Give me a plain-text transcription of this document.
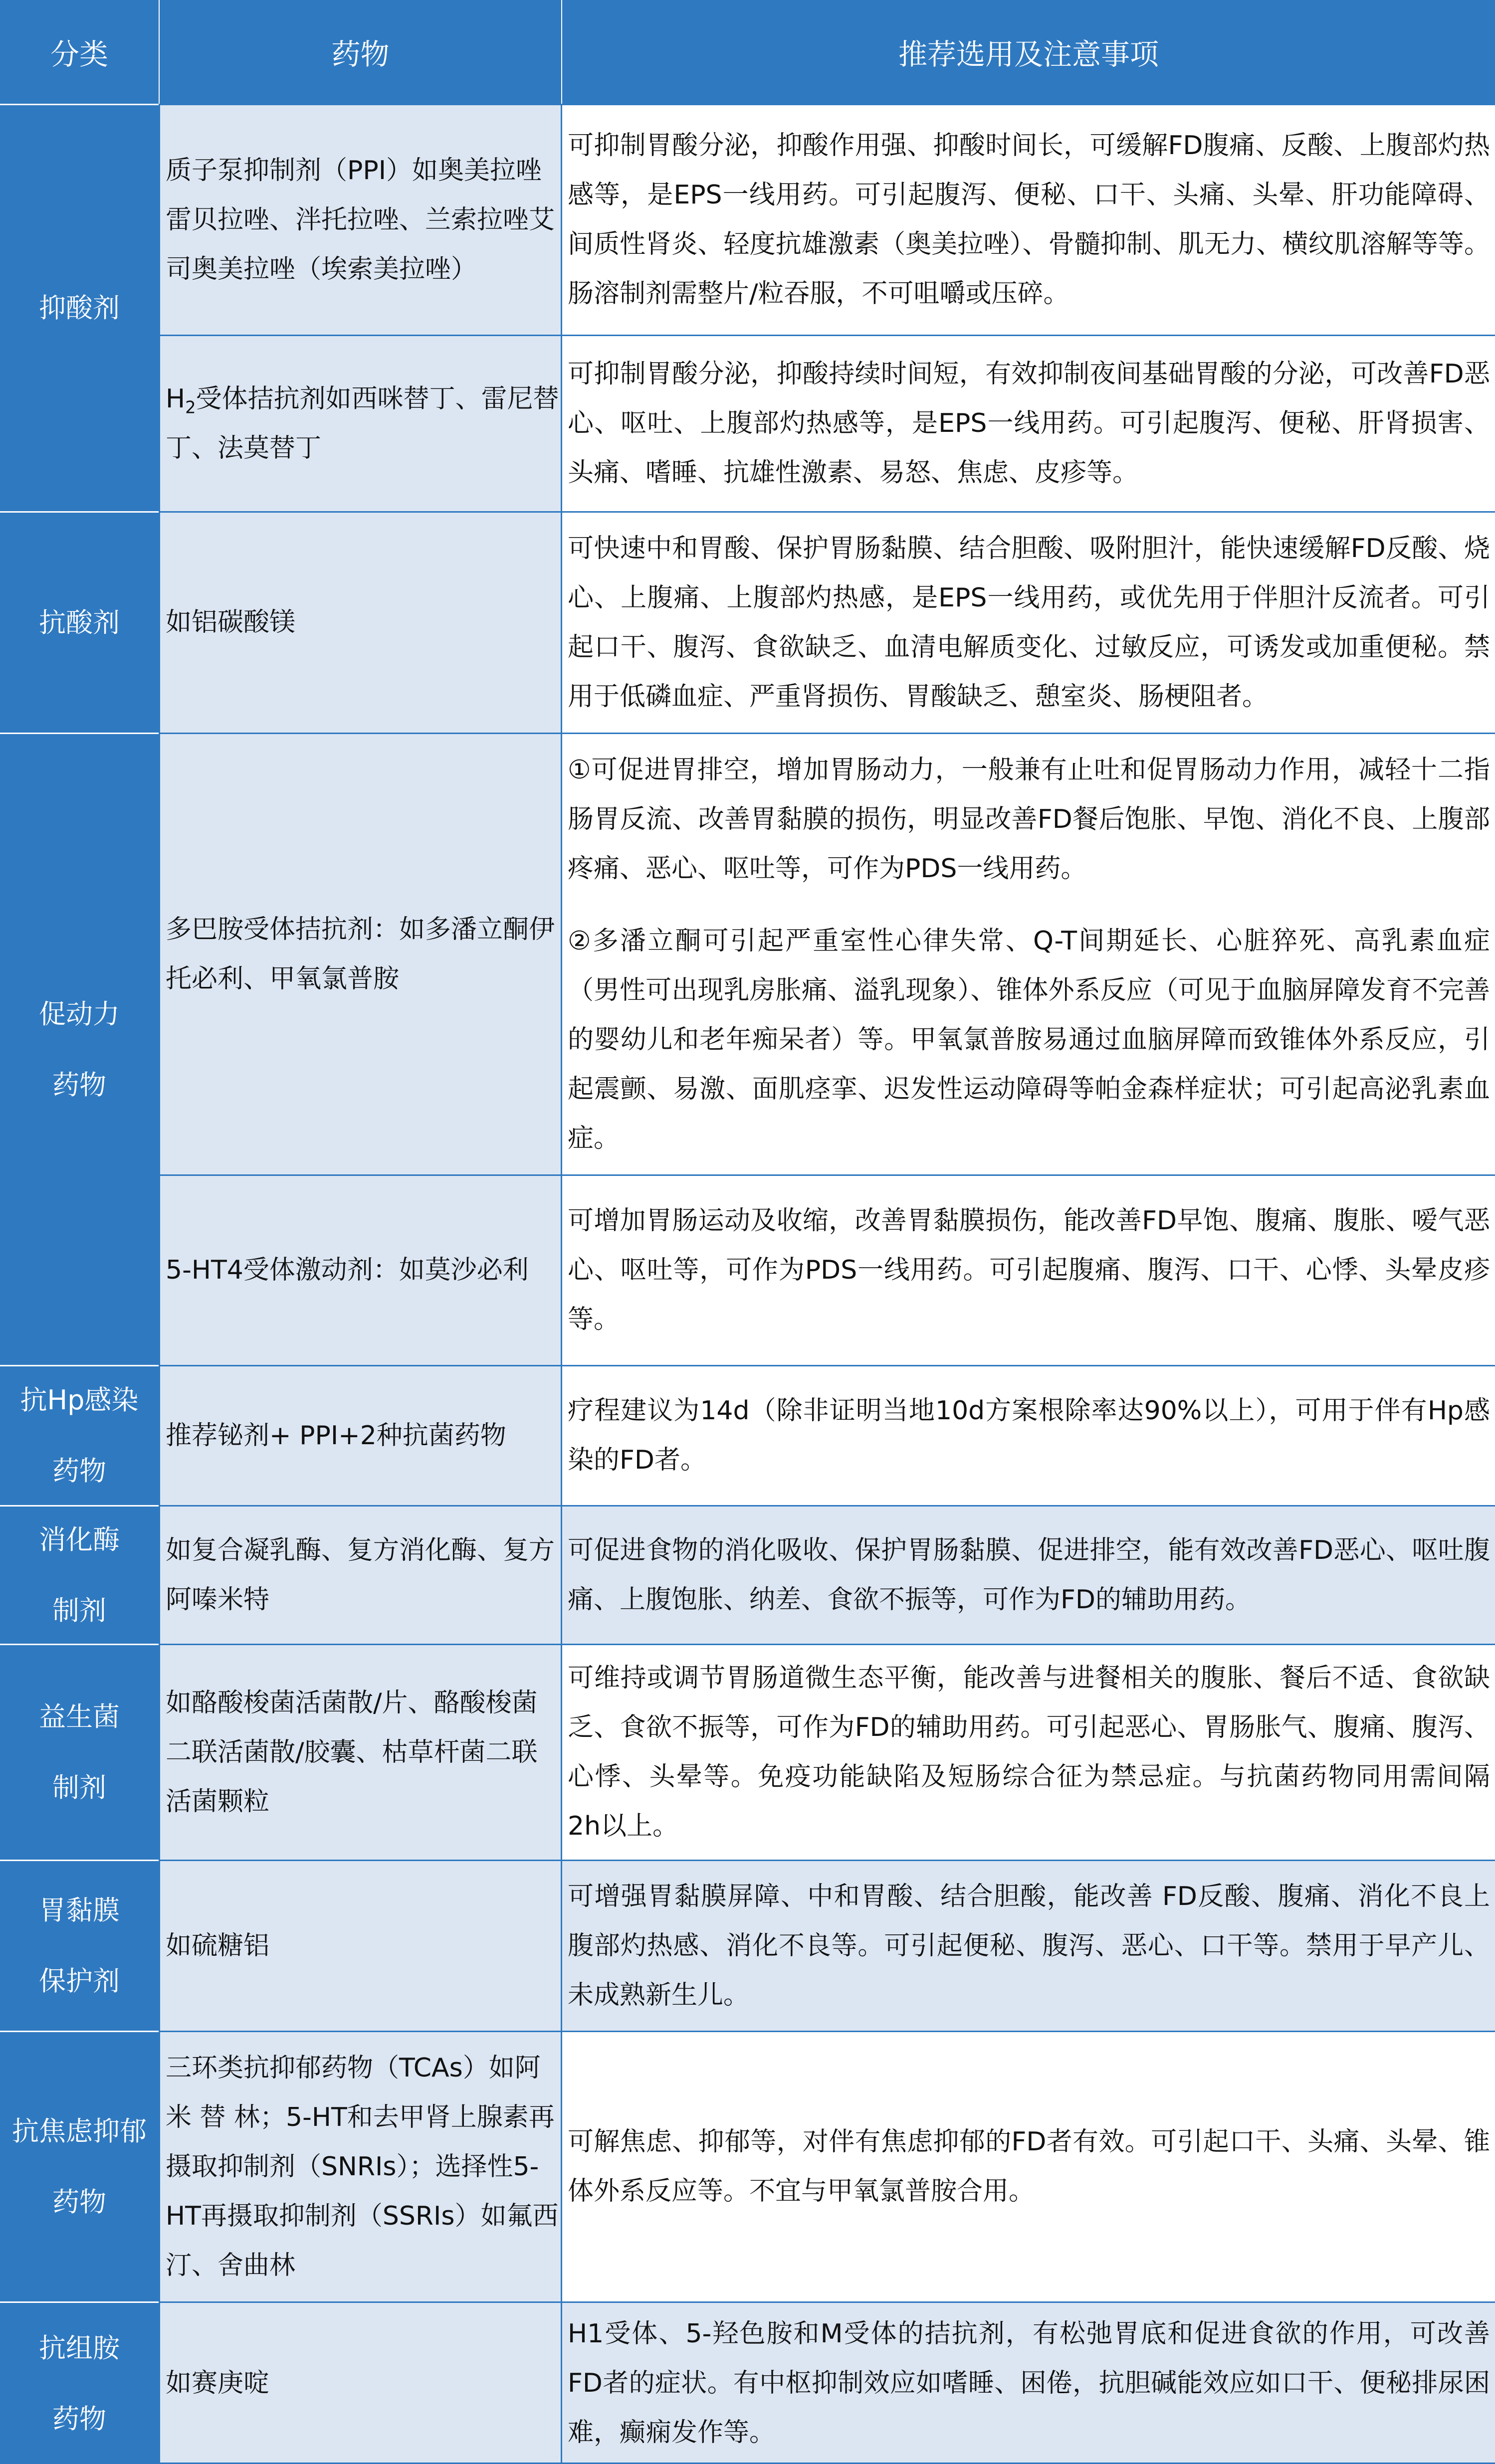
分类	药物	推荐选用及注意事项
抑酸剂
抗酸剂
促动力
药物
抗Hp感染
药物
消化酶
制剂
益生菌
制剂
胃黏膜
保护剂
抗焦虑抑郁
药物
抗组胺
药物
质子泵抑制剂（PPI）如奥美拉唑雷贝拉唑、泮托拉唑、兰索拉唑艾司奥美拉唑（埃索美拉唑）
可抑制胃酸分泌，抑酸作用强、抑酸时间长，可缓解FD腹痛、反酸、上腹部灼热感等，是EPS一线用药。可引起腹泻、便秘、口干、头痛、头晕、肝功能障碍、间质性肾炎、轻度抗雄激素（奥美拉唑）、骨髓抑制、肌无力、横纹肌溶解等等。肠溶制剂需整片/粒吞服，不可咀嚼或压碎。
$H_2$受体拮抗剂如西咪替丁、雷尼替丁、法莫替丁
可抑制胃酸分泌，抑酸持续时间短，有效抑制夜间基础胃酸的分泌，可改善FD恶心、呕吐、上腹部灼热感等，是EPS一线用药。可引起腹泻、便秘、肝肾损害、头痛、嗜睡、抗雄性激素、易怒、焦虑、皮疹等。
如铝碳酸镁
可快速中和胃酸、保护胃肠黏膜、结合胆酸、吸附胆汁，能快速缓解FD反酸、烧心、上腹痛、上腹部灼热感，是EPS一线用药，或优先用于伴胆汁反流者。可引起口干、腹泻、食欲缺乏、血清电解质变化、过敏反应，可诱发或加重便秘。禁用于低磷血症、严重肾损伤、胃酸缺乏、憩室炎、肠梗阻者。
多巴胺受体拮抗剂：如多潘立酮伊托必利、甲氧氯普胺
①可促进胃排空，增加胃肠动力，一般兼有止吐和促胃肠动力作用，减轻十二指肠胃反流、改善胃黏膜的损伤，明显改善FD餐后饱胀、早饱、消化不良、上腹部疼痛、恶心、呕吐等，可作为PDS一线用药。
②多潘立酮可引起严重室性心律失常、Q-T间期延长、心脏猝死、高乳素血症（男性可出现乳房胀痛、溢乳现象）、锥体外系反应（可见于血脑屏障发育不完善的婴幼儿和老年痴呆者）等。甲氧氯普胺易通过血脑屏障而致锥体外系反应，引起震颤、易激、面肌痉挛、迟发性运动障碍等帕金森样症状；可引起高泌乳素血症。
5-HT4受体激动剂：如莫沙必利
可增加胃肠运动及收缩，改善胃黏膜损伤，能改善FD早饱、腹痛、腹胀、嗳气恶心、呕吐等，可作为PDS一线用药。可引起腹痛、腹泻、口干、心悸、头晕皮疹等。
推荐铋剂+ PPI+2种抗菌药物
疗程建议为14d（除非证明当地10d方案根除率达90%以上），可用于伴有Hp感染的FD者。
如复合凝乳酶、复方消化酶、复方阿嗪米特
可促进食物的消化吸收、保护胃肠黏膜、促进排空，能有效改善FD恶心、呕吐腹痛、上腹饱胀、纳差、食欲不振等，可作为FD的辅助用药。
如酪酸梭菌活菌散/片、酪酸梭菌二联活菌散/胶囊、枯草杆菌二联活菌颗粒
可维持或调节胃肠道微生态平衡，能改善与进餐相关的腹胀、餐后不适、食欲缺乏、食欲不振等，可作为FD的辅助用药。可引起恶心、胃肠胀气、腹痛、腹泻、心悸、头晕等。免疫功能缺陷及短肠综合征为禁忌症。与抗菌药物同用需间隔 2h以上。
如硫糖铝
可增强胃黏膜屏障、中和胃酸、结合胆酸，能改善 FD反酸、腹痛、消化不良上腹部灼热感、消化不良等。可引起便秘、腹泻、恶心、口干等。禁用于早产儿、未成熟新生儿。
三环类抗抑郁药物（TCAs）如阿米 替 林；5-HT和去甲肾上腺素再摄取抑制剂（SNRIs）；选择性5-HT再摄取抑制剂（SSRIs）如氟西汀、舍曲林
可解焦虑、抑郁等，对伴有焦虑抑郁的FD者有效。可引起口干、头痛、头晕、锥体外系反应等。不宜与甲氧氯普胺合用。
如赛庚啶
H1受体、5-羟色胺和M受体的拮抗剂，有松弛胃底和促进食欲的作用，可改善FD者的症状。有中枢抑制效应如嗜睡、困倦，抗胆碱能效应如口干、便秘排尿困难，癫痫发作等。
